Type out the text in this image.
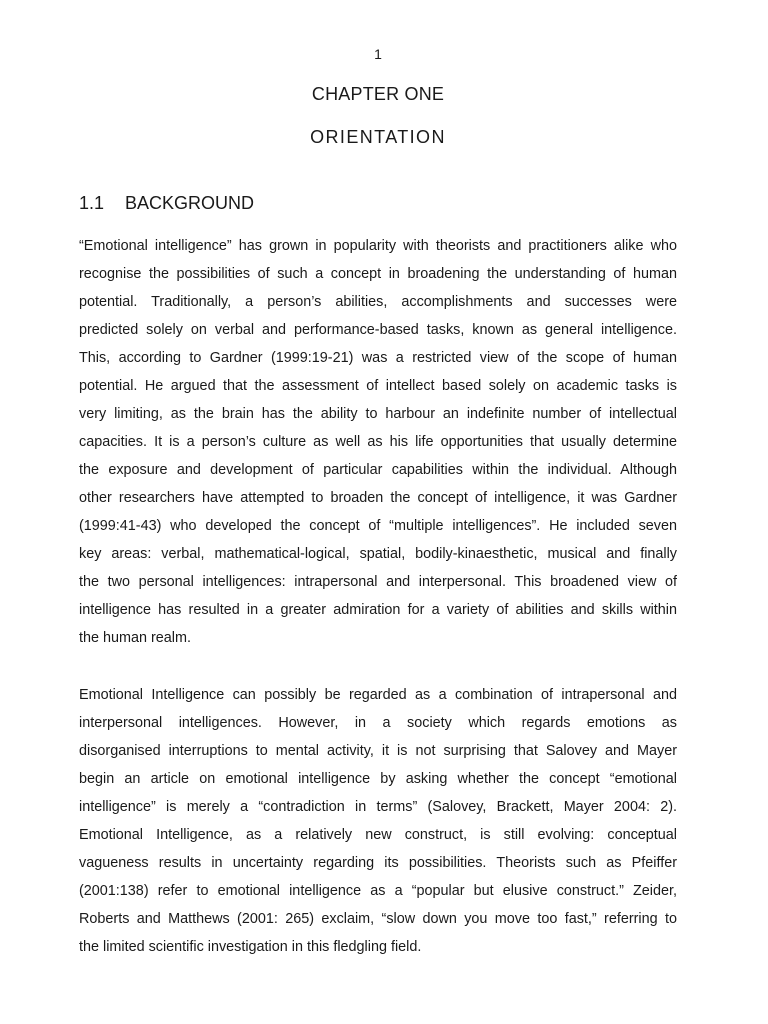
1
CHAPTER ONE
ORIENTATION
1.1 BACKGROUND
“Emotional intelligence” has grown in popularity with theorists and practitioners alike who
recognise the possibilities of such a concept in broadening the understanding of human
potential. Traditionally, a person’s abilities, accomplishments and successes were
predicted solely on verbal and performance-based tasks, known as general intelligence.
This, according to Gardner (1999:19-21) was a restricted view of the scope of human
potential. He argued that the assessment of intellect based solely on academic tasks is
very limiting, as the brain has the ability to harbour an indefinite number of intellectual
capacities. It is a person’s culture as well as his life opportunities that usually determine
the exposure and development of particular capabilities within the individual. Although
other researchers have attempted to broaden the concept of intelligence, it was Gardner
(1999:41-43) who developed the concept of “multiple intelligences”. He included seven
key areas: verbal, mathematical-logical, spatial, bodily-kinaesthetic, musical and finally
the two personal intelligences: intrapersonal and interpersonal. This broadened view of
intelligence has resulted in a greater admiration for a variety of abilities and skills within
the human realm.
Emotional Intelligence can possibly be regarded as a combination of intrapersonal and
interpersonal intelligences. However, in a society which regards emotions as
disorganised interruptions to mental activity, it is not surprising that Salovey and Mayer
begin an article on emotional intelligence by asking whether the concept “emotional
intelligence” is merely a “contradiction in terms” (Salovey, Brackett, Mayer 2004: 2).
Emotional Intelligence, as a relatively new construct, is still evolving: conceptual
vagueness results in uncertainty regarding its possibilities. Theorists such as Pfeiffer
(2001:138) refer to emotional intelligence as a “popular but elusive construct.” Zeider,
Roberts and Matthews (2001: 265) exclaim, “slow down you move too fast,” referring to
the limited scientific investigation in this fledgling field.
